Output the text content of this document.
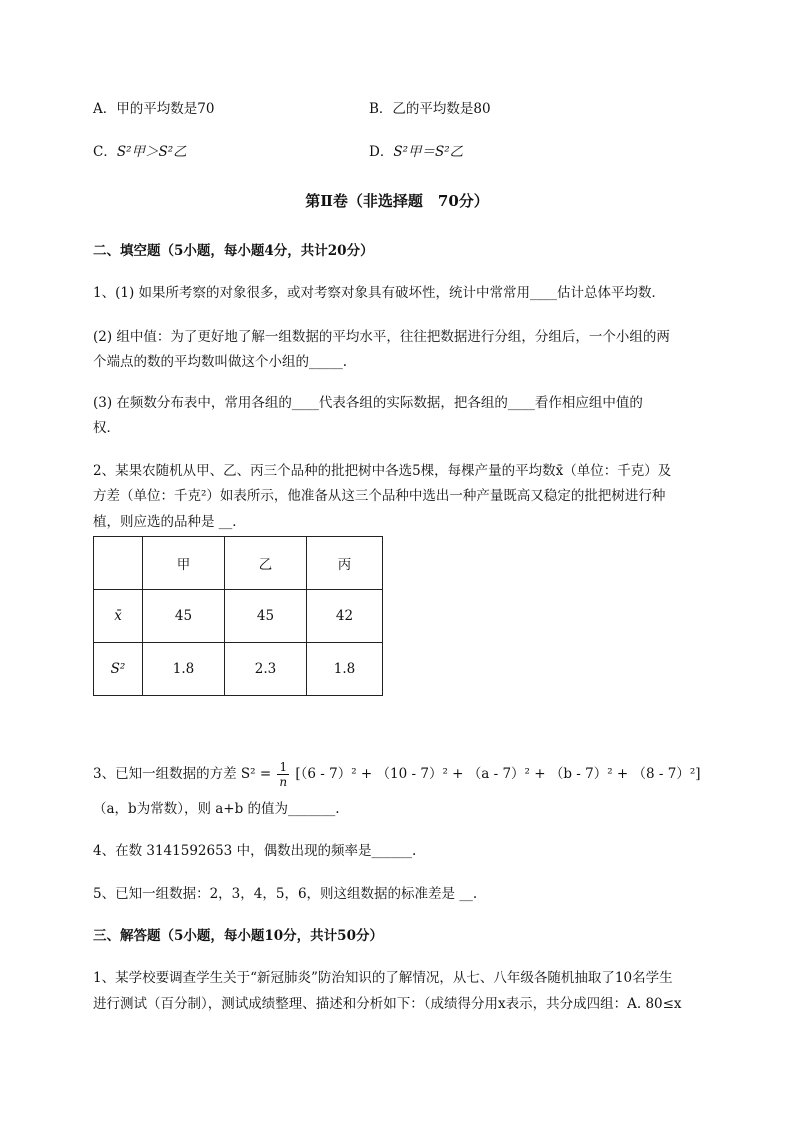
A．甲的平均数是70	B．乙的平均数是80
C．S²甲＞S²乙	D．S²甲＝S²乙
第Ⅱ卷（非选择题　70分）
二、填空题（5小题，每小题4分，共计20分）
1、(1) 如果所考察的对象很多，或对考察对象具有破坏性，统计中常常用____估计总体平均数．
(2) 组中值：为了更好地了解一组数据的平均水平，往往把数据进行分组，分组后，一个小组的两
个端点的数的平均数叫做这个小组的_____.
(3) 在频数分布表中，常用各组的____代表各组的实际数据，把各组的____看作相应组中值的
权．
2、某果农随机从甲、乙、丙三个品种的批把树中各选5棵，每棵产量的平均数x̄（单位：千克）及
方差（单位：千克²）如表所示，他准备从这三个品种中选出一种产量既高又稳定的批把树进行种
植，则应选的品种是 __．
	甲	乙	丙
x̄	45	45	42
S²	1.8	2.3	1.8
3、已知一组数据的方差 $S^2 = \frac{1}{n} [(6 - 7)^2 + (10 - 7)^2 + (a - 7)^2 + (b - 7)^2 + (8 - 7)^2]$
（a，b为常数），则 a+b 的值为_______.
4、在数 3141592653 中，偶数出现的频率是______.
5、已知一组数据：2，3，4，5，6，则这组数据的标准差是 __.
三、解答题（5小题，每小题10分，共计50分）
1、某学校要调查学生关于“新冠肺炎”防治知识的了解情况，从七、八年级各随机抽取了10名学生
进行测试（百分制），测试成绩整理、描述和分析如下：（成绩得分用x表示，共分成四组：A. 80≤x
